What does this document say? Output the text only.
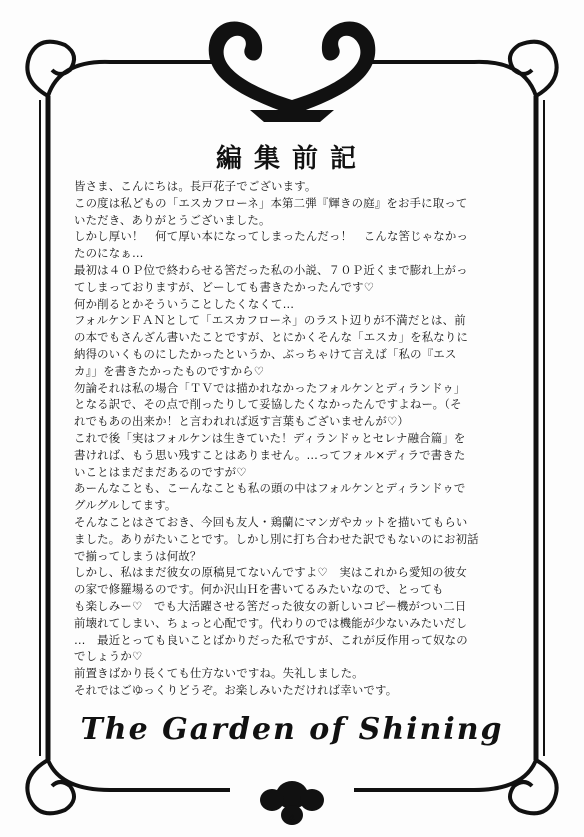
編集前記

皆さま、こんにちは。長戸花子でございます。

この度は私どもの「エスカフローネ」本第二弾『輝きの庭』をお手に取って

いただき、ありがとうございました。

しかし厚い！　何て厚い本になってしまったんだっ！　こんな筈じゃなかっ

たのになぁ…

最初は４０Ｐ位で終わらせる筈だった私の小説、７０Ｐ近くまで膨れ上がっ

てしまっておりますが、どーしても書きたかったんです♡

何か削るとかそういうことしたくなくて…

フォルケンＦＡＮとして「エスカフローネ」のラスト辺りが不満だとは、前

の本でもさんざん書いたことですが、とにかくそんな「エスカ」を私なりに

納得のいくものにしたかったというか、ぶっちゃけて言えば「私の『エス

カ』」を書きたかったものですから♡

勿論それは私の場合「ＴＶでは描かれなかったフォルケンとディランドゥ」

となる訳で、その点で削ったりして妥協したくなかったんですよねー。（そ

れでもあの出来か！と言われれば返す言葉もございませんが♡）

これで後「実はフォルケンは生きていた！ディランドゥとセレナ融合篇」を

書ければ、もう思い残すことはありません。…ってフォル×ディラで書きた

いことはまだまだあるのですが♡

あーんなことも、こーんなことも私の頭の中はフォルケンとディランドゥで

グルグルしてます。

そんなことはさておき、今回も友人・鶏蘭にマンガやカットを描いてもらい

ました。ありがたいことです。しかし別に打ち合わせた訳でもないのにお初話

で揃ってしまうは何故？

しかし、私はまだ彼女の原稿見てないんですよ♡　実はこれから愛知の彼女

の家で修羅場るのです。何か沢山Ｈを書いてるみたいなので、とっても

も楽しみー♡　でも大活躍させる筈だった彼女の新しいコピー機がつい二日

前壊れてしまい、ちょっと心配です。代わりのでは機能が少ないみたいだし

…　最近とっても良いことばかりだった私ですが、これが反作用って奴なの

でしょうか♡

前置きばかり長くても仕方ないですね。失礼しました。

それではごゆっくりどうぞ。お楽しみいただければ幸いです。

The Garden of Shining
4
